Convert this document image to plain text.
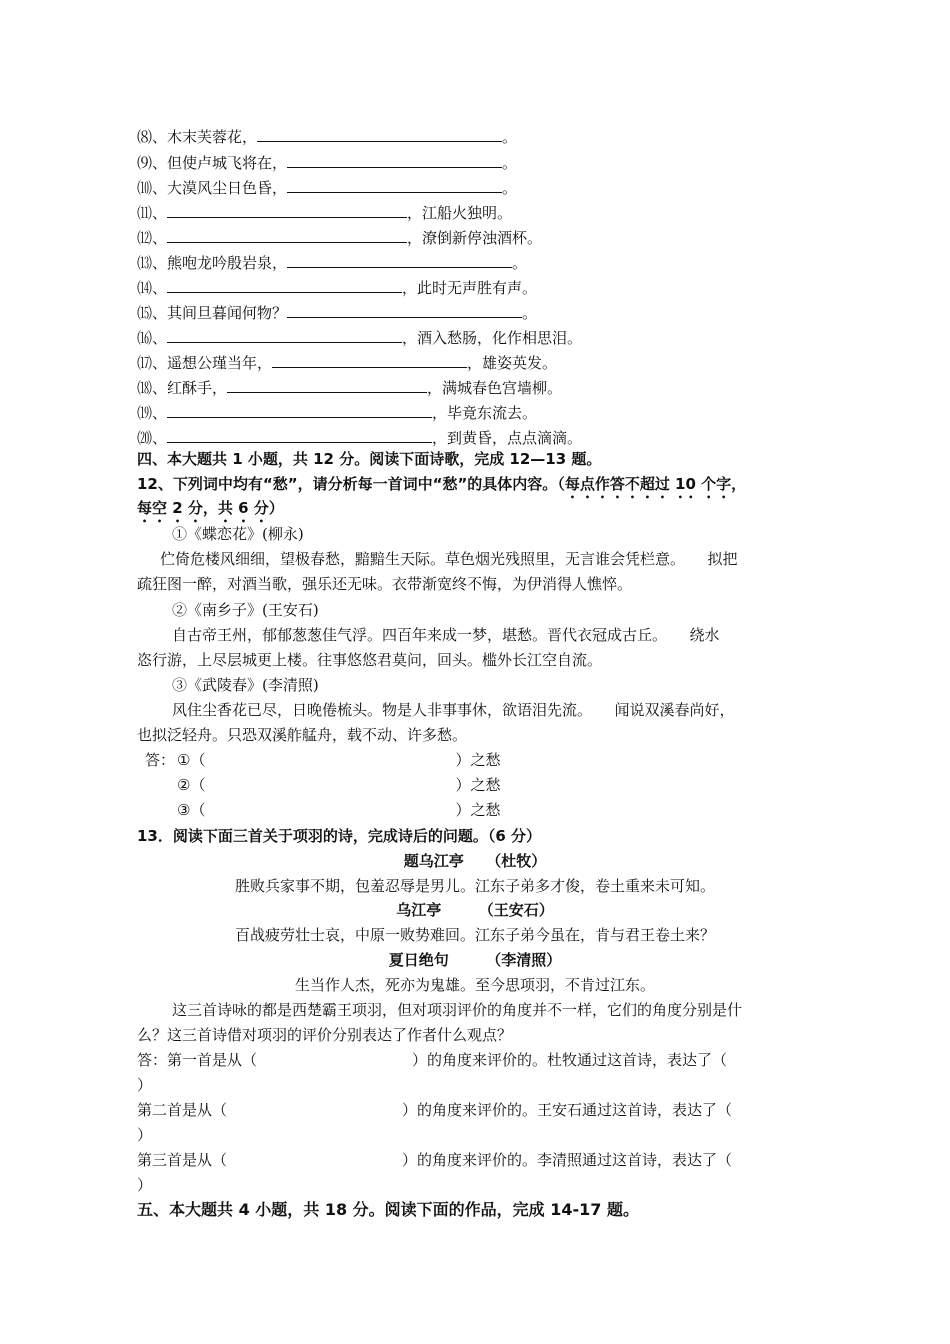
⑻、木末芙蓉花，	。
⑼、但使卢城飞将在，	。
⑽、大漠风尘日色昏，	。
⑾、	，江船火独明。
⑿、	，潦倒新停浊酒杯。
⒀、熊咆龙吟殷岩泉，	。
⒁、	，此时无声胜有声。
⒂、其间旦暮闻何物？	。
⒃、	，酒入愁肠，化作相思泪。
⒄、遥想公瑾当年，	，雄姿英发。
⒅、红酥手，	，满城春色宫墙柳。
⒆、	，毕竟东流去。
⒇、	，到黄昏，点点滴滴。
四、本大题共 1 小题，共 12 分。阅读下面诗歌，完成 12—13 题。
12、下列词中均有“愁”，请分析每一首词中“愁”的具体内容。（每点作答不超过 10 个字，
每空 2 分，共 6 分）
①《蝶恋花》(柳永)
伫倚危楼风细细，望极春愁，黯黯生天际。草色烟光残照里，无言谁会凭栏意。　　拟把
疏狂图一醉，对酒当歌，强乐还无味。衣带渐宽终不悔，为伊消得人憔悴。
②《南乡子》(王安石)
自古帝王州，郁郁葱葱佳气浮。四百年来成一梦，堪愁。晋代衣冠成古丘。　　绕水
恣行游，上尽层城更上楼。往事悠悠君莫问，回头。槛外长江空自流。
③《武陵春》(李清照)
风住尘香花已尽，日晚倦梳头。物是人非事事休，欲语泪先流。　　闻说双溪春尚好，
也拟泛轻舟。只恐双溪舴艋舟，载不动、许多愁。
答： ①（	）之愁
②（	）之愁
③（	）之愁
13．阅读下面三首关于项羽的诗，完成诗后的问题。（6 分）
题乌江亭　　（杜牧）
胜败兵家事不期，包羞忍辱是男儿。江东子弟多才俊，卷土重来未可知。
乌江亭　　　（王安石）
百战疲劳壮士哀，中原一败势难回。江东子弟今虽在，肯与君王卷土来？
夏日绝句　　　（李清照）
生当作人杰，死亦为鬼雄。至今思项羽，不肯过江东。
这三首诗咏的都是西楚霸王项羽，但对项羽评价的角度并不一样，它们的角度分别是什
么？这三首诗借对项羽的评价分别表达了作者什么观点？
答：第一首是从（	）的角度来评价的。杜牧通过这首诗，表达了（
）
第二首是从（	）的角度来评价的。王安石通过这首诗，表达了（
）
第三首是从（	）的角度来评价的。李清照通过这首诗，表达了（
）
五、本大题共 4 小题，共 18 分。阅读下面的作品，完成 14-17 题。
